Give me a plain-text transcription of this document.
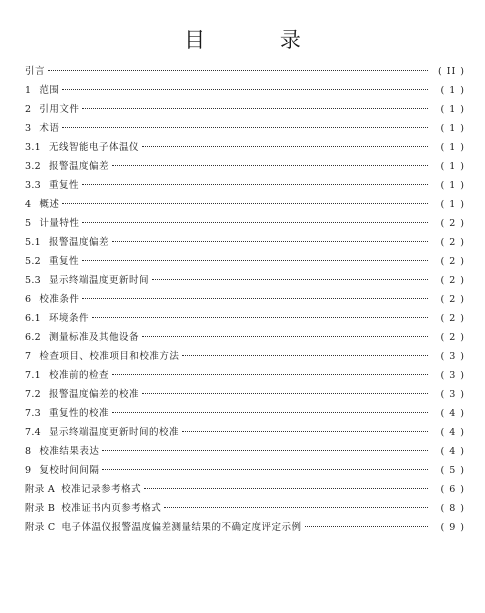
目 录
引言	( II )
1 范围	( 1 )
2 引用文件	( 1 )
3 术语	( 1 )
3.1 无线智能电子体温仪	( 1 )
3.2 报警温度偏差	( 1 )
3.3 重复性	( 1 )
4 概述	( 1 )
5 计量特性	( 2 )
5.1 报警温度偏差	( 2 )
5.2 重复性	( 2 )
5.3 显示终端温度更新时间	( 2 )
6 校准条件	( 2 )
6.1 环境条件	( 2 )
6.2 测量标准及其他设备	( 2 )
7 检查项目、校准项目和校准方法	( 3 )
7.1 校准前的检查	( 3 )
7.2 报警温度偏差的校准	( 3 )
7.3 重复性的校准	( 4 )
7.4 显示终端温度更新时间的校准	( 4 )
8 校准结果表达	( 4 )
9 复校时间间隔	( 5 )
附录 A 校准记录参考格式	( 6 )
附录 B 校准证书内页参考格式	( 8 )
附录 C 电子体温仪报警温度偏差测量结果的不确定度评定示例	( 9 )
